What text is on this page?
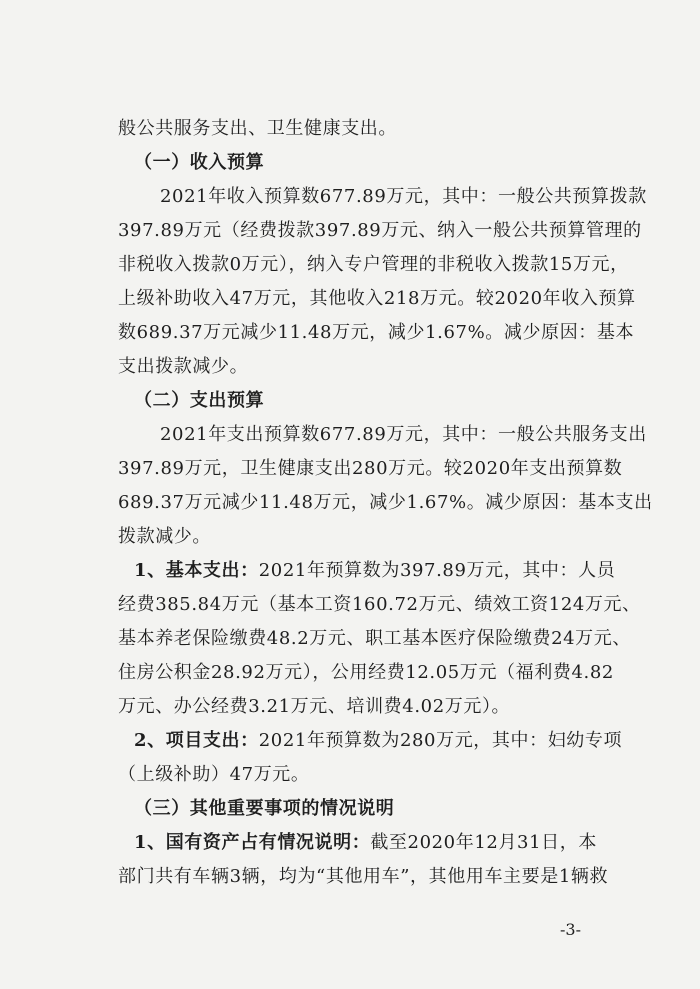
般公共服务支出、卫生健康支出。
（一）收入预算
2021年收入预算数677.89万元，其中：一般公共预算拨款
397.89万元（经费拨款397.89万元、纳入一般公共预算管理的
非税收入拨款0万元），纳入专户管理的非税收入拨款15万元，
上级补助收入47万元，其他收入218万元。较2020年收入预算
数689.37万元减少11.48万元，减少1.67%。减少原因：基本
支出拨款减少。
（二）支出预算
2021年支出预算数677.89万元，其中：一般公共服务支出
397.89万元，卫生健康支出280万元。较2020年支出预算数
689.37万元减少11.48万元，减少1.67%。减少原因：基本支出
拨款减少。
1、基本支出：2021年预算数为397.89万元，其中：人员
经费385.84万元（基本工资160.72万元、绩效工资124万元、
基本养老保险缴费48.2万元、职工基本医疗保险缴费24万元、
住房公积金28.92万元），公用经费12.05万元（福利费4.82
万元、办公经费3.21万元、培训费4.02万元）。
2、项目支出：2021年预算数为280万元，其中：妇幼专项
（上级补助）47万元。
（三）其他重要事项的情况说明
1、国有资产占有情况说明：截至2020年12月31日，本
部门共有车辆3辆，均为“其他用车”，其他用车主要是1辆救
-3-
